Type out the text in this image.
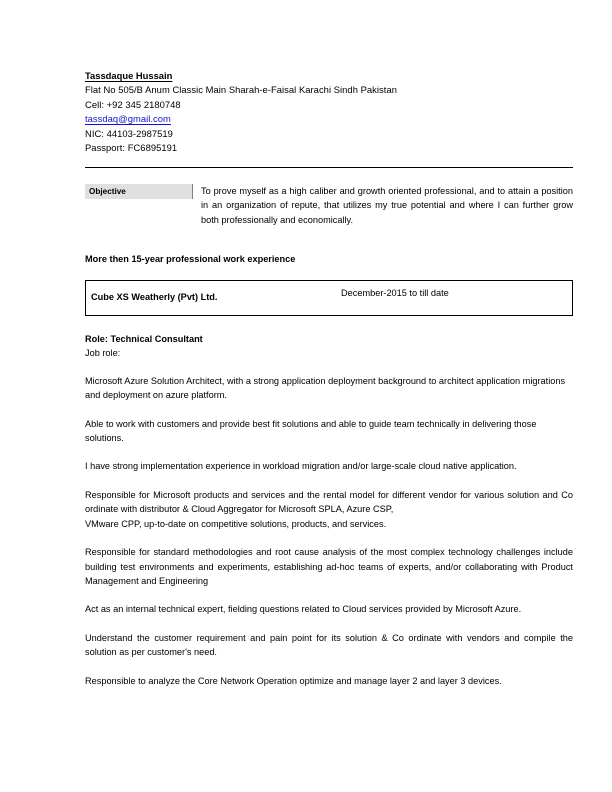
Tassdaque Hussain
Flat No 505/B Anum Classic Main Sharah-e-Faisal Karachi Sindh Pakistan
Cell: +92 345 2180748
tassdaq@gmail.com
NIC: 44103-2987519
Passport: FC6895191
Objective	To prove myself as a high caliber and growth oriented professional, and to attain a position in an organization of repute, that utilizes my true potential and where I can further grow both professionally and economically.
More then 15-year professional work experience
Cube XS Weatherly (Pvt) Ltd.	December-2015 to till date
Role: Technical Consultant
Job role:
Microsoft Azure Solution Architect, with a strong application deployment background to architect application migrations and deployment on azure platform.
Able to work with customers and provide best fit solutions and able to guide team technically in delivering those solutions.
I have strong implementation experience in workload migration and/or large-scale cloud native application.
Responsible for Microsoft products and services and the rental model for different vendor for various solution and Co ordinate with distributor & Cloud Aggregator for Microsoft SPLA, Azure CSP,
VMware CPP, up-to-date on competitive solutions, products, and services.
Responsible for standard methodologies and root cause analysis of the most complex technology challenges include building test environments and experiments, establishing ad-hoc teams of experts, and/or collaborating with Product Management and Engineering
Act as an internal technical expert, fielding questions related to Cloud services provided by Microsoft Azure.
Understand the customer requirement and pain point for its solution & Co ordinate with vendors and compile the solution as per customer's need.
Responsible to analyze the Core Network Operation optimize and manage layer 2 and layer 3 devices.
